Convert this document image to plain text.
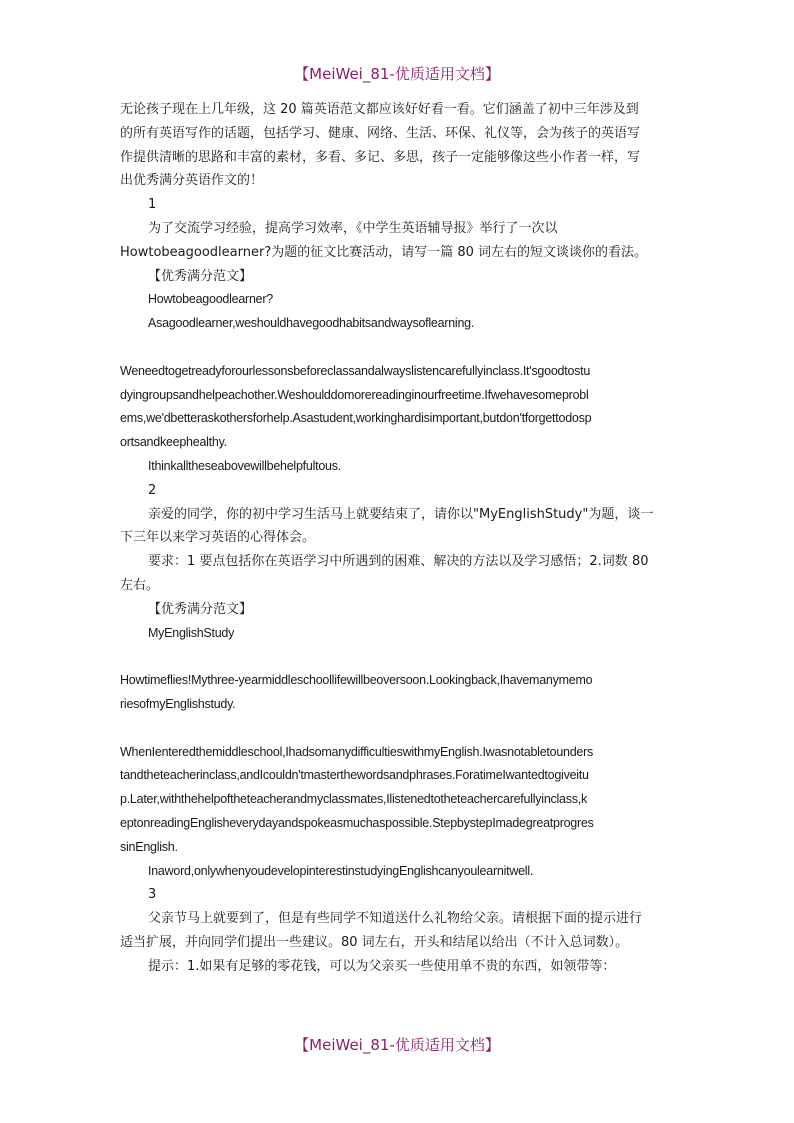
【MeiWei_81-优质适用文档】
无论孩子现在上几年级，这 20 篇英语范文都应该好好看一看。它们涵盖了初中三年涉及到
的所有英语写作的话题，包括学习、健康、网络、生活、环保、礼仪等，会为孩子的英语写
作提供清晰的思路和丰富的素材，多看、多记、多思，孩子一定能够像这些小作者一样，写
出优秀满分英语作文的！
1
为了交流学习经验，提高学习效率，《中学生英语辅导报》举行了一次以
Howtobeagoodlearner?为题的征文比赛活动，请写一篇 80 词左右的短文谈谈你的看法。
【优秀满分范文】
Howtobeagoodlearner?
Asagoodlearner,weshouldhavegoodhabitsandwaysoflearning.
Weneedtogetreadyforourlessonsbeforeclassandalwayslistencarefullyinclass.It'sgoodtostu
dyingroupsandhelpeachother.Weshoulddomorereadinginourfreetime.Ifwehavesomeprobl
ems,we'dbetteraskothersforhelp.Asastudent,workinghardisimportant,butdon'tforgettodosp
ortsandkeephealthy.
Ithinkalltheseabovewillbehelpfultous.
2
亲爱的同学，你的初中学习生活马上就要结束了，请你以"MyEnglishStudy"为题，谈一
下三年以来学习英语的心得体会。
要求：1 要点包括你在英语学习中所遇到的困难、解决的方法以及学习感悟；2.词数 80
左右。
【优秀满分范文】
MyEnglishStudy
Howtimeflies!Mythree-yearmiddleschoollifewillbeoversoon.Lookingback,Ihavemanymemo
riesofmyEnglishstudy.
WhenIenteredthemiddleschool,IhadsomanydifficultieswithmyEnglish.Iwasnotabletounders
tandtheteacherinclass,andIcouldn'tmasterthewordsandphrases.ForatimeIwantedtogiveitu
p.Later,withthehelpoftheteacherandmyclassmates,Ilistenedtotheteachercarefullyinclass,k
eptonreadingEnglisheverydayandspokeasmuchaspossible.StepbystepImadegreatprogres
sinEnglish.
Inaword,onlywhenyoudevelopinterestinstudyingEnglishcanyoulearnitwell.
3
父亲节马上就要到了，但是有些同学不知道送什么礼物给父亲。请根据下面的提示进行
适当扩展，并向同学们提出一些建议。80 词左右，开头和结尾以给出（不计入总词数）。
提示：1.如果有足够的零花钱，可以为父亲买一些使用单不贵的东西，如领带等：
【MeiWei_81-优质适用文档】
